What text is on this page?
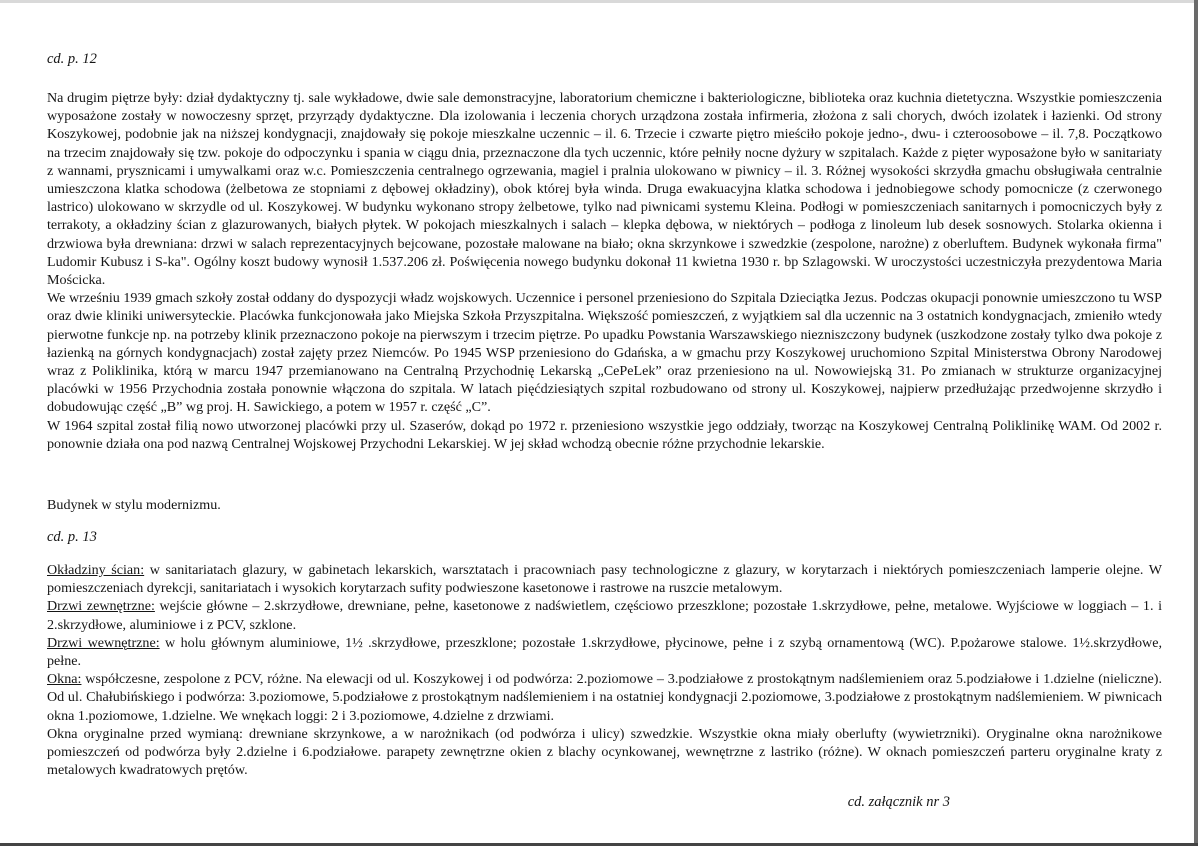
cd. p. 12

Na drugim piętrze były: dział dydaktyczny tj. sale wykładowe, dwie sale demonstracyjne, laboratorium chemiczne i bakteriologiczne, biblioteka oraz kuchnia dietetyczna. Wszystkie pomieszczenia wyposażone zostały w nowoczesny sprzęt, przyrządy dydaktyczne. Dla izolowania i leczenia chorych urządzona została infirmeria, złożona z sali chorych, dwóch izolatek i łazienki. Od strony Koszykowej, podobnie jak na niższej kondygnacji, znajdowały się pokoje mieszkalne uczennic – il. 6. Trzecie i czwarte piętro mieściło pokoje jedno-, dwu- i czteroosobowe – il. 7,8. Początkowo na trzecim znajdowały się tzw. pokoje do odpoczynku i spania w ciągu dnia, przeznaczone dla tych uczennic, które pełniły nocne dyżury w szpitalach. Każde z pięter wyposażone było w sanitariaty z wannami, prysznicami i umywalkami oraz w.c. Pomieszczenia centralnego ogrzewania, magiel i pralnia ulokowano w piwnicy – il. 3. Różnej wysokości skrzydła gmachu obsługiwała centralnie umieszczona klatka schodowa (żelbetowa ze stopniami z dębowej okładziny), obok której była winda. Druga ewakuacyjna klatka schodowa i jednobiegowe schody pomocnicze (z czerwonego lastrico) ulokowano w skrzydle od ul. Koszykowej. W budynku wykonano stropy żelbetowe, tylko nad piwnicami systemu Kleina. Podłogi w pomieszczeniach sanitarnych i pomocniczych były z terrakoty, a okładziny ścian z glazurowanych, białych płytek. W pokojach mieszkalnych i salach – klepka dębowa, w niektórych – podłoga z linoleum lub desek sosnowych. Stolarka okienna i drzwiowa była drewniana: drzwi w salach reprezentacyjnych bejcowane, pozostałe malowane na biało; okna skrzynkowe i szwedzkie (zespolone, narożne) z oberluftem. Budynek wykonała firma" Ludomir Kubusz i S-ka". Ogólny koszt budowy wynosił 1.537.206 zł. Poświęcenia nowego budynku dokonał 11 kwietna 1930 r. bp Szlagowski. W uroczystości uczestniczyła prezydentowa Maria Mościcka.

We wrześniu 1939 gmach szkoły został oddany do dyspozycji władz wojskowych. Uczennice i personel przeniesiono do Szpitala Dzieciątka Jezus. Podczas okupacji ponownie umieszczono tu WSP oraz dwie kliniki uniwersyteckie. Placówka funkcjonowała jako Miejska Szkoła Przyszpitalna. Większość pomieszczeń, z wyjątkiem sal dla uczennic na 3 ostatnich kondygnacjach, zmieniło wtedy pierwotne funkcje np. na potrzeby klinik przeznaczono pokoje na pierwszym i trzecim piętrze. Po upadku Powstania Warszawskiego niezniszczony budynek (uszkodzone zostały tylko dwa pokoje z łazienką na górnych kondygnacjach) został zajęty przez Niemców. Po 1945 WSP przeniesiono do Gdańska, a w gmachu przy Koszykowej uruchomiono Szpital Ministerstwa Obrony Narodowej wraz z Poliklinika, którą w marcu 1947 przemianowano na Centralną Przychodnię Lekarską „CePeLek” oraz przeniesiono na ul. Nowowiejską 31. Po zmianach w strukturze organizacyjnej placówki w 1956 Przychodnia została ponownie włączona do szpitala. W latach pięćdziesiątych szpital rozbudowano od strony ul. Koszykowej, najpierw przedłużając przedwojenne skrzydło i dobudowując część „B” wg proj. H. Sawickiego, a potem w 1957 r. część „C”.

W 1964 szpital został filią nowo utworzonej placówki przy ul. Szaserów, dokąd po 1972 r. przeniesiono wszystkie jego oddziały, tworząc na Koszykowej Centralną Poliklinikę WAM. Od 2002 r. ponownie działa ona pod nazwą Centralnej Wojskowej Przychodni Lekarskiej. W jej skład wchodzą obecnie różne przychodnie lekarskie.

Budynek w stylu modernizmu.

cd. p. 13

Okładziny ścian: w sanitariatach glazury, w gabinetach lekarskich, warsztatach i pracowniach pasy technologiczne z glazury, w korytarzach i niektórych pomieszczeniach lamperie olejne. W pomieszczeniach dyrekcji, sanitariatach i wysokich korytarzach sufity podwieszone kasetonowe i rastrowe na ruszcie metalowym.

Drzwi zewnętrzne: wejście główne – 2.skrzydłowe, drewniane, pełne, kasetonowe z nadświetlem, częściowo przeszklone; pozostałe 1.skrzydłowe, pełne, metalowe. Wyjściowe w loggiach – 1. i 2.skrzydłowe, aluminiowe i z PCV, szklone.

Drzwi wewnętrzne: w holu głównym aluminiowe, 1½ .skrzydłowe, przeszklone; pozostałe 1.skrzydłowe, płycinowe, pełne i z szybą ornamentową (WC). P.pożarowe stalowe. 1½.skrzydłowe, pełne.

Okna: współczesne, zespolone z PCV, różne. Na elewacji od ul. Koszykowej i od podwórza: 2.poziomowe – 3.podziałowe z prostokątnym nadślemieniem oraz 5.podziałowe i 1.dzielne (nieliczne). Od ul. Chałubińskiego i podwórza: 3.poziomowe, 5.podziałowe z prostokątnym nadślemieniem i na ostatniej kondygnacji 2.poziomowe, 3.podziałowe z prostokątnym nadślemieniem. W piwnicach okna 1.poziomowe, 1.dzielne. We wnękach loggi: 2 i 3.poziomowe, 4.dzielne z drzwiami.

Okna oryginalne przed wymianą: drewniane skrzynkowe, a w narożnikach (od podwórza i ulicy) szwedzkie. Wszystkie okna miały oberlufty (wywietrzniki). Oryginalne okna narożnikowe pomieszczeń od podwórza były 2.dzielne i 6.podziałowe. parapety zewnętrzne okien z blachy ocynkowanej, wewnętrzne z lastriko (różne). W oknach pomieszczeń parteru oryginalne kraty z metalowych kwadratowych prętów.

cd. załącznik nr 3
